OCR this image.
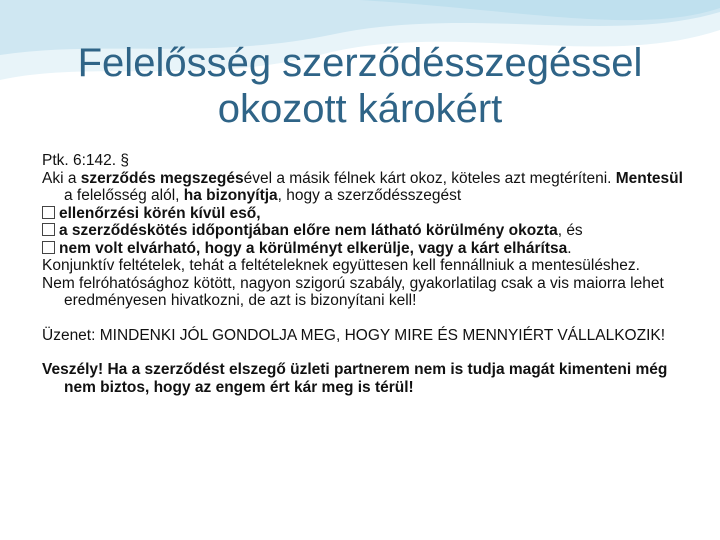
Felelősség szerződésszegéssel
okozott károkért

Ptk. 6:142. §

Aki a szerződés megszegésével a másik félnek kárt okoz, köteles azt megtéríteni. Mentesül a felelősség alól, ha bizonyítja, hogy a szerződésszegést

ellenőrzési körén kívül eső,

a szerződéskötés időpontjában előre nem látható körülmény okozta, és

nem volt elvárható, hogy a körülményt elkerülje, vagy a kárt elhárítsa.

Konjunktív feltételek, tehát a feltételeknek együttesen kell fennállniuk a mentesüléshez.

Nem felróhatósághoz kötött, nagyon szigorú szabály, gyakorlatilag csak a vis maiorra lehet eredményesen hivatkozni, de azt is bizonyítani kell!

Üzenet: MINDENKI JÓL GONDOLJA MEG, HOGY MIRE ÉS MENNYIÉRT VÁLLALKOZIK!

Veszély! Ha a szerződést elszegő üzleti partnerem nem is tudja magát kimenteni még nem biztos, hogy az engem ért kár meg is térül!
